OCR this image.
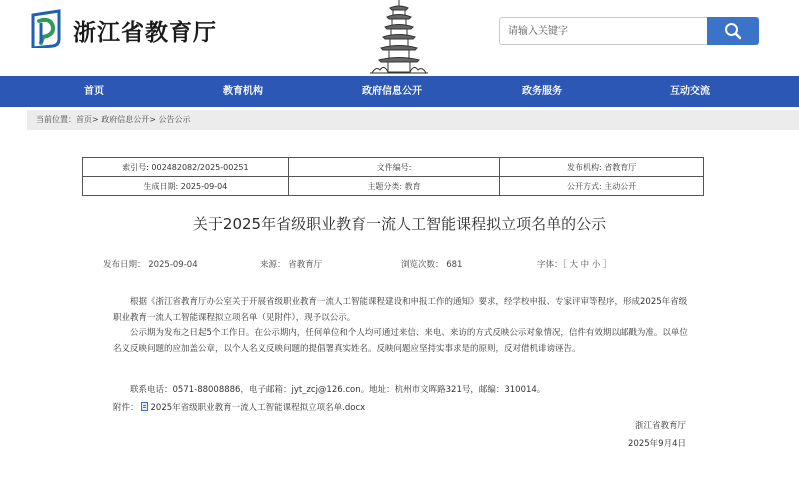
浙江省教育厅
请输入关键字
首页	教育机构	政府信息公开	政务服务	互动交流
当前位置：首页> 政府信息公开> 公告公示
索引号: 002482082/2025-00251	文件编号:	发布机构: 省教育厅
生成日期: 2025-09-04	主题分类: 教育	公开方式: 主动公开
关于2025年省级职业教育一流人工智能课程拟立项名单的公示
发布日期： 2025-09-04	来源： 省教育厅	浏览次数： 681	字体：［ 大 中 小 ］

根据《浙江省教育厅办公室关于开展省级职业教育一流人工智能课程建设和申报工作的通知》要求，经学校申报、专家评审等程序，形成2025年省级职业教育一流人工智能课程拟立项名单（见附件），现予以公示。

公示期为发布之日起5个工作日。在公示期内，任何单位和个人均可通过来信、来电、来访的方式反映公示对象情况，信件有效期以邮戳为准。以单位名义反映问题的应加盖公章，以个人名义反映问题的提倡署真实姓名。反映问题应坚持实事求是的原则，反对借机诽谤诬告。

联系电话：0571-88008886，电子邮箱：jyt_zcj@126.con。地址：杭州市文晖路321号，邮编：310014。
附件： 2025年省级职业教育一流人工智能课程拟立项名单.docx
浙江省教育厅
2025年9月4日
